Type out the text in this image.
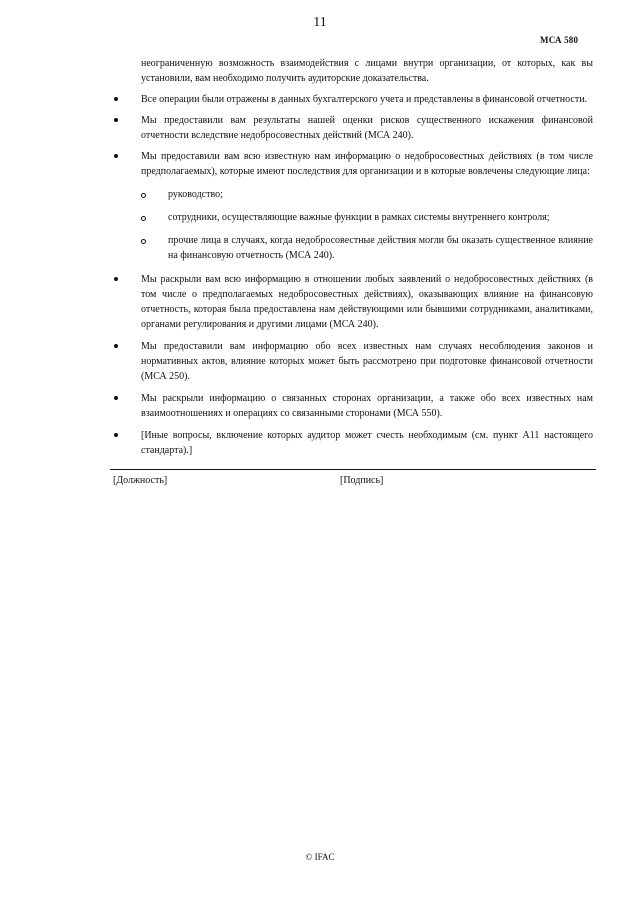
11
МСА 580
неограниченную возможность взаимодействия с лицами внутри организации, от которых, как вы установили, вам необходимо получить аудиторские доказательства.
Все операции были отражены в данных бухгалтерского учета и представлены в финансовой отчетности.
Мы предоставили вам результаты нашей оценки рисков существенного искажения финансовой отчетности вследствие недобросовестных действий (МСА 240).
Мы предоставили вам всю известную нам информацию о недобросовестных действиях (в том числе предполагаемых), которые имеют последствия для организации и в которые вовлечены следующие лица:
руководство;
сотрудники, осуществляющие важные функции в рамках системы внутреннего контроля;
прочие лица в случаях, когда недобросовестные действия могли бы оказать существенное влияние на финансовую отчетность (МСА 240).
Мы раскрыли вам всю информацию в отношении любых заявлений о недобросовестных действиях (в том числе о предполагаемых недобросовестных действиях), оказывающих влияние на финансовую отчетность, которая была предоставлена нам действующими или бывшими сотрудниками, аналитиками, органами регулирования и другими лицами (МСА 240).
Мы предоставили вам информацию обо всех известных нам случаях несоблюдения законов и нормативных актов, влияние которых может быть рассмотрено при подготовке финансовой отчетности (МСА 250).
Мы раскрыли информацию о связанных сторонах организации, а также обо всех известных нам взаимоотношениях и операциях со связанными сторонами (МСА 550).
[Иные вопросы, включение которых аудитор может счесть необходимым (см. пункт А11 настоящего стандарта).]
[Должность]	[Подпись]
© IFAC
